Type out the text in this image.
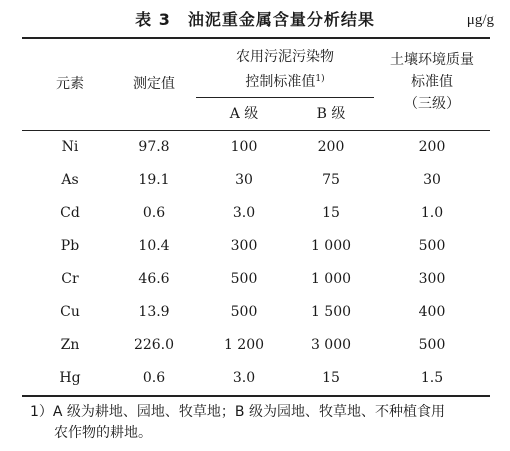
表 3　油泥重金属含量分析结果	μg/g
元素	测定值
农用污泥污染物
控制标准值$^{1)}$
A 级	B 级
土壤环境质量
标准值
（三级）
Ni	97.8	100	200	200
As	19.1	30	75	30
Cd	0.6	3.0	15	1.0
Pb	10.4	300	1 000	500
Cr	46.6	500	1 000	300
Cu	13.9	500	1 500	400
Zn	226.0	1 200	3 000	500
Hg	0.6	3.0	15	1.5
1）A 级为耕地、园地、牧草地；B 级为园地、牧草地、不种植食用
农作物的耕地。
